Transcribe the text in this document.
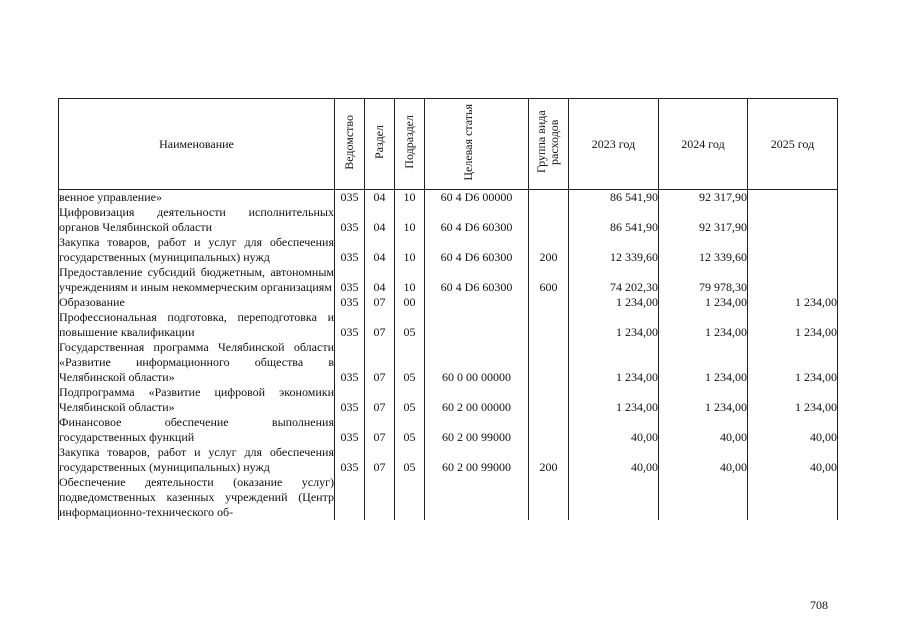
Наименование	Ведомство	Раздел	Подраздел	Целевая статья	Группа вида расходов	2023 год	2024 год	2025 год
венное управление»	035	04	10	60 4 D6 00000		86 541,90	92 317,90	
Цифровизация деятельности исполнительных органов Челябинской области	035	04	10	60 4 D6 60300		86 541,90	92 317,90	
Закупка товаров, работ и услуг для обеспечения государственных (муниципальных) нужд	035	04	10	60 4 D6 60300	200	12 339,60	12 339,60	
Предоставление субсидий бюджетным, автономным учреждениям и иным некоммерческим организациям	035	04	10	60 4 D6 60300	600	74 202,30	79 978,30	
Образование	035	07	00			1 234,00	1 234,00	1 234,00
Профессиональная подготовка, переподготовка и повышение квалификации	035	07	05			1 234,00	1 234,00	1 234,00
Государственная программа Челябинской области «Развитие информационного общества в Челябинской области»	035	07	05	60 0 00 00000		1 234,00	1 234,00	1 234,00
Подпрограмма «Развитие цифровой экономики Челябинской области»	035	07	05	60 2 00 00000		1 234,00	1 234,00	1 234,00
Финансовое обеспечение выполнения государственных функций	035	07	05	60 2 00 99000		40,00	40,00	40,00
Закупка товаров, работ и услуг для обеспечения государственных (муниципальных) нужд	035	07	05	60 2 00 99000	200	40,00	40,00	40,00
Обеспечение деятельности (оказание услуг) подведомственных казенных учреждений (Центр информационно-технического об-								
708
